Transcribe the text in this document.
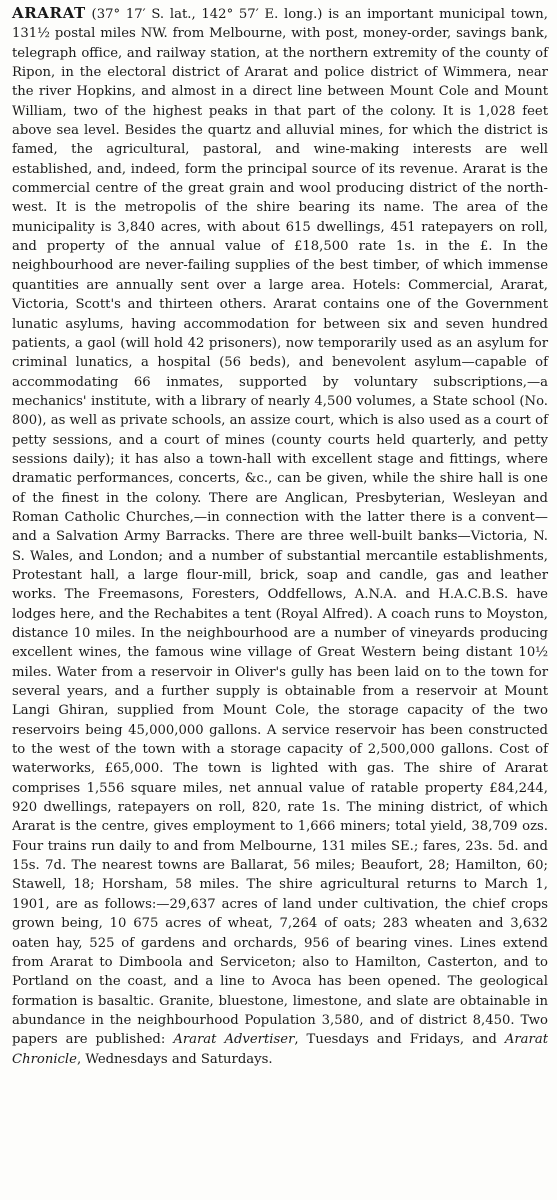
ARARAT (37° 17′ S. lat., 142° 57′ E. long.) is an important municipal town, 131½ postal miles NW. from Melbourne, with post, money-order, savings bank, telegraph office, and railway station, at the northern extremity of the county of Ripon, in the electoral district of Ararat and police district of Wimmera, near the river Hopkins, and almost in a direct line between Mount Cole and Mount William, two of the highest peaks in that part of the colony. It is 1,028 feet above sea level. Besides the quartz and alluvial mines, for which the district is famed, the agricultural, pastoral, and wine-making interests are well established, and, indeed, form the principal source of its revenue. Ararat is the commercial centre of the great grain and wool producing district of the north-west. It is the metropolis of the shire bearing its name. The area of the municipality is 3,840 acres, with about 615 dwellings, 451 ratepayers on roll, and property of the annual value of £18,500 rate 1s. in the £. In the neighbourhood are never-failing supplies of the best timber, of which immense quantities are annually sent over a large area. Hotels: Commercial, Ararat, Victoria, Scott's and thirteen others. Ararat contains one of the Government lunatic asylums, having accommodation for between six and seven hundred patients, a gaol (will hold 42 prisoners), now temporarily used as an asylum for criminal lunatics, a hospital (56 beds), and benevolent asylum—capable of accommodating 66 inmates, supported by voluntary subscriptions,—a mechanics' institute, with a library of nearly 4,500 volumes, a State school (No. 800), as well as private schools, an assize court, which is also used as a court of petty sessions, and a court of mines (county courts held quarterly, and petty sessions daily); it has also a town-hall with excellent stage and fittings, where dramatic performances, concerts, &c., can be given, while the shire hall is one of the finest in the colony. There are Anglican, Presbyterian, Wesleyan and Roman Catholic Churches,—in connection with the latter there is a convent—and a Salvation Army Barracks. There are three well-built banks—Victoria, N. S. Wales, and London; and a number of substantial mercantile establishments, Protestant hall, a large flour-mill, brick, soap and candle, gas and leather works. The Freemasons, Foresters, Oddfellows, A.N.A. and H.A.C.B.S. have lodges here, and the Rechabites a tent (Royal Alfred). A coach runs to Moyston, distance 10 miles. In the neighbourhood are a number of vineyards producing excellent wines, the famous wine village of Great Western being distant 10½ miles. Water from a reservoir in Oliver's gully has been laid on to the town for several years, and a further supply is obtainable from a reservoir at Mount Langi Ghiran, supplied from Mount Cole, the storage capacity of the two reservoirs being 45,000,000 gallons. A service reservoir has been constructed to the west of the town with a storage capacity of 2,500,000 gallons. Cost of waterworks, £65,000. The town is lighted with gas. The shire of Ararat comprises 1,556 square miles, net annual value of ratable property £84,244, 920 dwellings, ratepayers on roll, 820, rate 1s. The mining district, of which Ararat is the centre, gives employment to 1,666 miners; total yield, 38,709 ozs. Four trains run daily to and from Melbourne, 131 miles SE.; fares, 23s. 5d. and 15s. 7d. The nearest towns are Ballarat, 56 miles; Beaufort, 28; Hamilton, 60; Stawell, 18; Horsham, 58 miles. The shire agricultural returns to March 1, 1901, are as follows:—29,637 acres of land under cultivation, the chief crops grown being, 10 675 acres of wheat, 7,264 of oats; 283 wheaten and 3,632 oaten hay, 525 of gardens and orchards, 956 of bearing vines. Lines extend from Ararat to Dimboola and Serviceton; also to Hamilton, Casterton, and to Portland on the coast, and a line to Avoca has been opened. The geological formation is basaltic. Granite, bluestone, limestone, and slate are obtainable in abundance in the neighbourhood Population 3,580, and of district 8,450. Two papers are published: Ararat Advertiser, Tuesdays and Fridays, and Ararat Chronicle, Wednesdays and Saturdays.
